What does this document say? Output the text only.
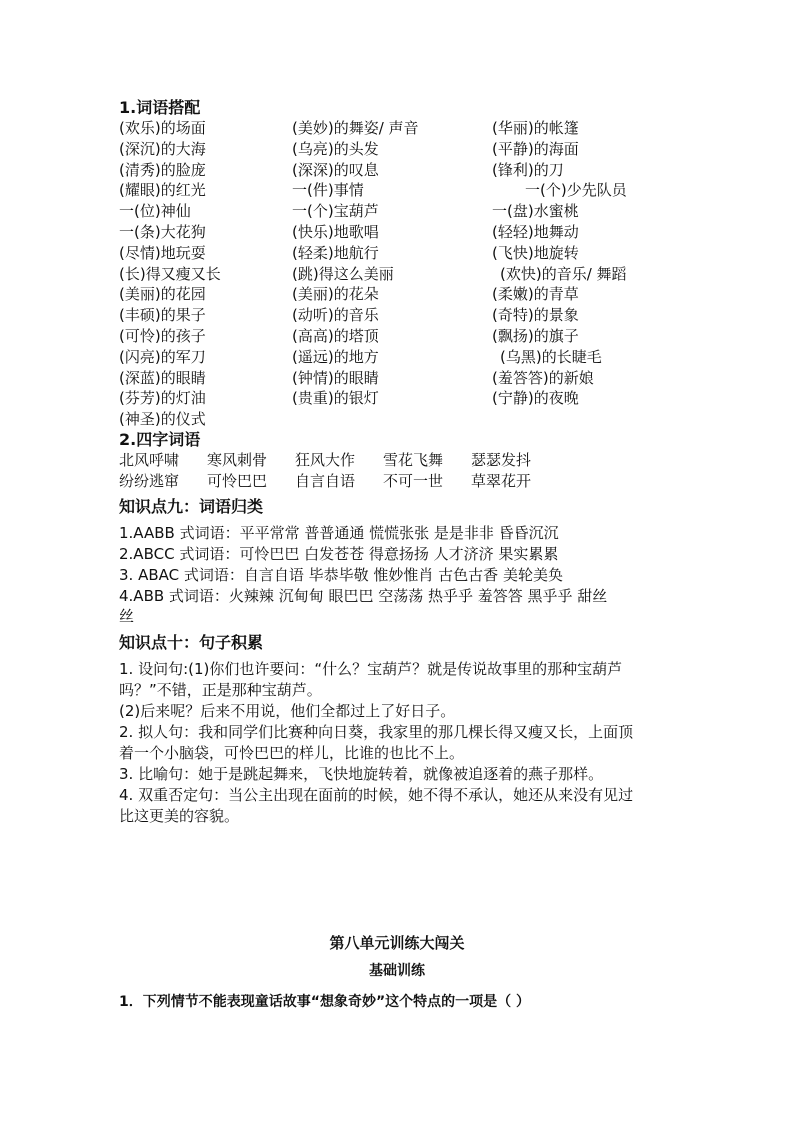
1.词语搭配
(欢乐)的场面	(美妙)的舞姿/ 声音	(华丽)的帐篷
(深沉)的大海	(乌亮)的头发	(平静)的海面
(清秀)的脸庞	(深深)的叹息	(锋利)的刀
(耀眼)的红光	一(件)事情	一(个)少先队员
一(位)神仙	一(个)宝葫芦	一(盘)水蜜桃
一(条)大花狗	(快乐)地歌唱	(轻轻)地舞动
(尽情)地玩耍	(轻柔)地航行	(飞快)地旋转
(长)得又瘦又长	(跳)得这么美丽	(欢快)的音乐/ 舞蹈
(美丽)的花园	(美丽)的花朵	(柔嫩)的青草
(丰硕)的果子	(动听)的音乐	(奇特)的景象
(可怜)的孩子	(高高)的塔顶	(飘扬)的旗子
(闪亮)的军刀	(遥远)的地方	(乌黑)的长睫毛
(深蓝)的眼睛	(钟情)的眼睛	(羞答答)的新娘
(芬芳)的灯油	(贵重)的银灯	(宁静)的夜晚
(神圣)的仪式
2.四字词语
北风呼啸 寒风刺骨 狂风大作 雪花飞舞 瑟瑟发抖
纷纷逃窜 可怜巴巴 自言自语 不可一世 草翠花开
知识点九：词语归类
1.AABB 式词语：平平常常 普普通通 慌慌张张 是是非非 昏昏沉沉
2.ABCC 式词语：可怜巴巴 白发苍苍 得意扬扬 人才济济 果实累累
3. ABAC 式词语：自言自语 毕恭毕敬 惟妙惟肖 古色古香 美轮美奂
4.ABB 式词语：火辣辣 沉甸甸 眼巴巴 空荡荡 热乎乎 羞答答 黑乎乎 甜丝
丝
知识点十：句子积累
1. 设问句:(1)你们也许要问：“什么？宝葫芦？就是传说故事里的那种宝葫芦
吗？”不错，正是那种宝葫芦。
(2)后来呢？后来不用说，他们全都过上了好日子。
2. 拟人句：我和同学们比赛种向日葵，我家里的那几棵长得又瘦又长，上面顶
着一个小脑袋，可怜巴巴的样儿，比谁的也比不上。
3. 比喻句：她于是跳起舞来，飞快地旋转着，就像被追逐着的燕子那样。
4. 双重否定句：当公主出现在面前的时候，她不得不承认，她还从来没有见过
比这更美的容貌。
第八单元训练大闯关
基础训练
1．下列情节不能表现童话故事“想象奇妙”这个特点的一项是（ ）
